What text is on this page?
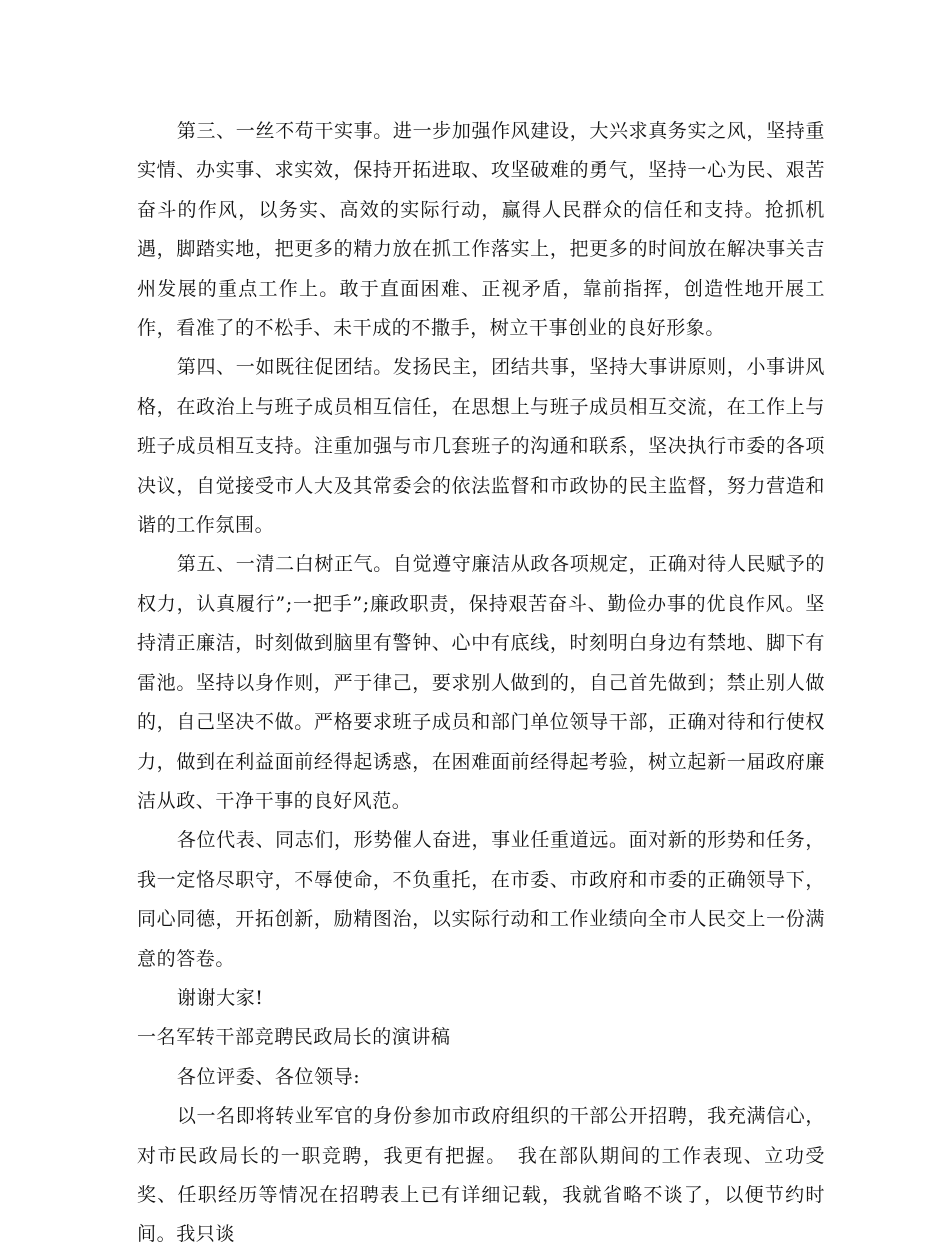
第三、一丝不苟干实事。进一步加强作风建设，大兴求真务实之风，坚持重实情、办实事、求实效，保持开拓进取、攻坚破难的勇气，坚持一心为民、艰苦奋斗的作风，以务实、高效的实际行动，赢得人民群众的信任和支持。抢抓机遇，脚踏实地，把更多的精力放在抓工作落实上，把更多的时间放在解决事关吉州发展的重点工作上。敢于直面困难、正视矛盾，靠前指挥，创造性地开展工作，看准了的不松手、未干成的不撒手，树立干事创业的良好形象。

第四、一如既往促团结。发扬民主，团结共事，坚持大事讲原则，小事讲风格，在政治上与班子成员相互信任，在思想上与班子成员相互交流，在工作上与班子成员相互支持。注重加强与市几套班子的沟通和联系，坚决执行市委的各项决议，自觉接受市人大及其常委会的依法监督和市政协的民主监督，努力营造和谐的工作氛围。

第五、一清二白树正气。自觉遵守廉洁从政各项规定，正确对待人民赋予的权力，认真履行”;一把手”;廉政职责，保持艰苦奋斗、勤俭办事的优良作风。坚持清正廉洁，时刻做到脑里有警钟、心中有底线，时刻明白身边有禁地、脚下有雷池。坚持以身作则，严于律己，要求别人做到的，自己首先做到；禁止别人做的，自己坚决不做。严格要求班子成员和部门单位领导干部，正确对待和行使权力，做到在利益面前经得起诱惑，在困难面前经得起考验，树立起新一届政府廉洁从政、干净干事的良好风范。

各位代表、同志们，形势催人奋进，事业任重道远。面对新的形势和任务，我一定恪尽职守，不辱使命，不负重托，在市委、市政府和市委的正确领导下，同心同德，开拓创新，励精图治，以实际行动和工作业绩向全市人民交上一份满意的答卷。

谢谢大家!

一名军转干部竞聘民政局长的演讲稿

各位评委、各位领导:

以一名即将转业军官的身份参加市政府组织的干部公开招聘，我充满信心，对市民政局长的一职竞聘，我更有把握。　我在部队期间的工作表现、立功受奖、任职经历等情况在招聘表上已有详细记载，我就省略不谈了，以便节约时间。我只谈
